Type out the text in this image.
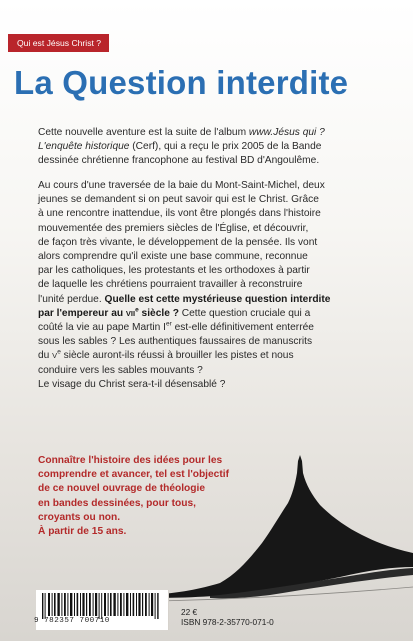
Qui est Jésus Christ ?
La Question interdite
Cette nouvelle aventure est la suite de l'album www.Jésus qui ?
L'enquête historique (Cerf), qui a reçu le prix 2005 de la Bande
dessinée chrétienne francophone au festival BD d'Angoulême.
Au cours d'une traversée de la baie du Mont-Saint-Michel, deux
jeunes se demandent si on peut savoir qui est le Christ. Grâce
à une rencontre inattendue, ils vont être plongés dans l'histoire
mouvementée des premiers siècles de l'Église, et découvrir,
de façon très vivante, le développement de la pensée. Ils vont
alors comprendre qu'il existe une base commune, reconnue
par les catholiques, les protestants et les orthodoxes à partir
de laquelle les chrétiens pourraient travailler à reconstruire
l'unité perdue. Quelle est cette mystérieuse question interdite
par l'empereur au VIIe siècle ? Cette question cruciale qui a
coûté la vie au pape Martin Ier est-elle définitivement enterrée
sous les sables ? Les authentiques faussaires de manuscrits
du Ve siècle auront-ils réussi à brouiller les pistes et nous
conduire vers les sables mouvants ?
Le visage du Christ sera-t-il désensablé ?
Connaître l'histoire des idées pour les
comprendre et avancer, tel est l'objectif
de ce nouvel ouvrage de théologie
en bandes dessinées, pour tous,
croyants ou non.
À partir de 15 ans.
9 782357 700710
22 €
ISBN 978-2-35770-071-0
